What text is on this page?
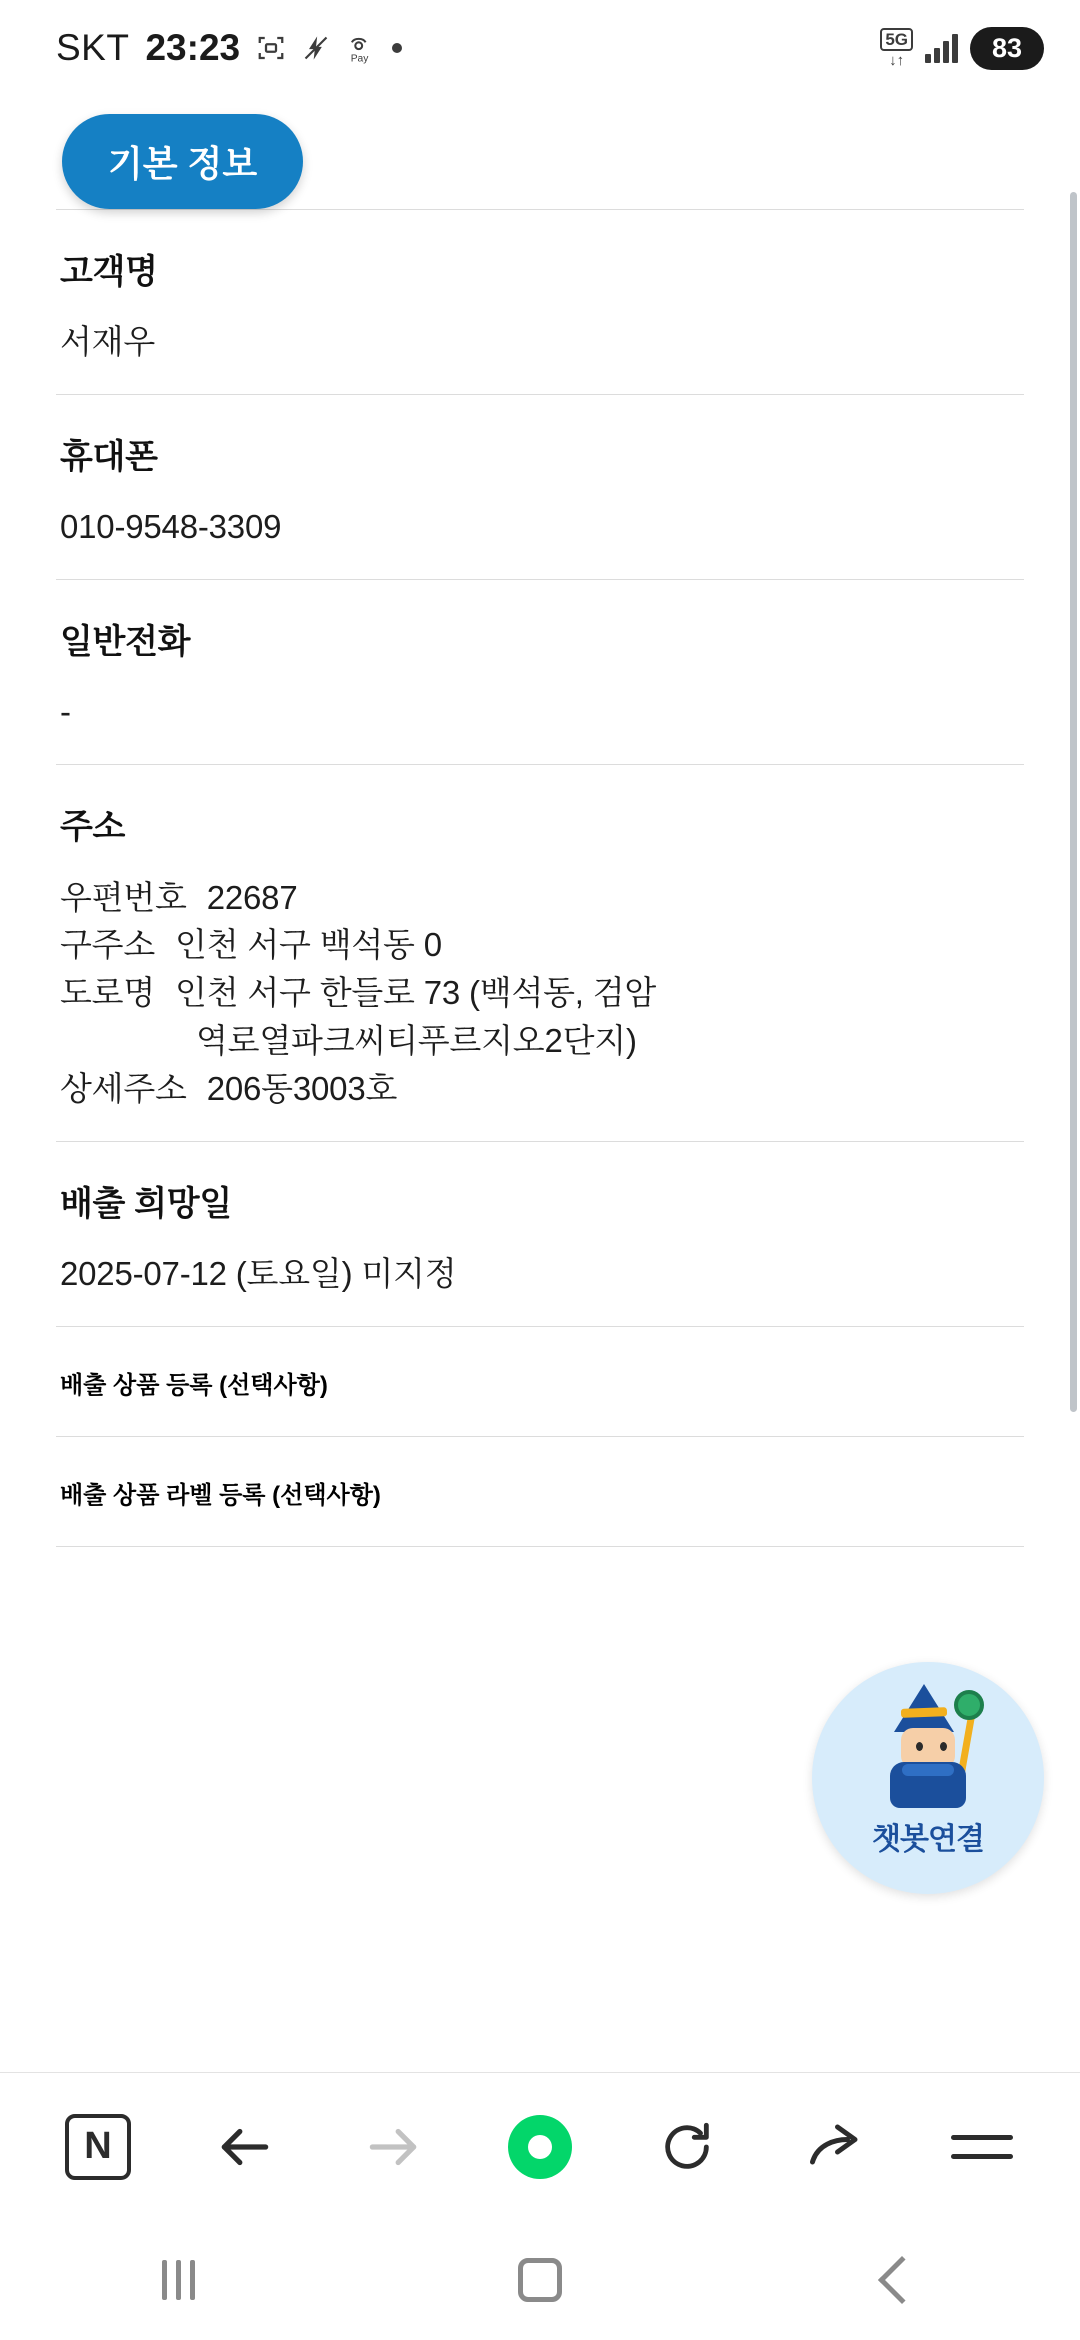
SKT 23:23	Pay
5G
↓↑	83
기본 정보
고객명
서재우
휴대폰
010-9548-3309
일반전화
-
주소
우편번호 22687
구주소 인천 서구 백석동 0
도로명 인천 서구 한들로 73 (백석동, 검암
역로열파크씨티푸르지오2단지)
상세주소 206동3003호
배출 희망일
2025-07-12 (토요일) 미지정
배출 상품 등록 (선택사항)
배출 상품 라벨 등록 (선택사항)
챗봇연결
N
